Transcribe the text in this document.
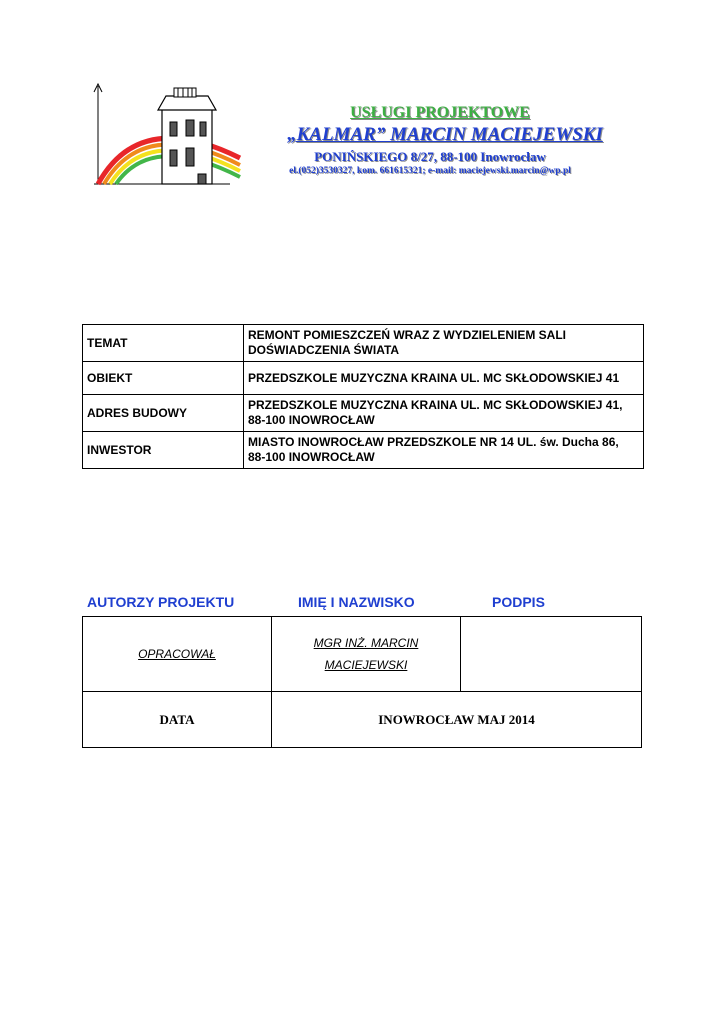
USŁUGI PROJEKTOWE
„KALMAR” MARCIN MACIEJEWSKI
PONIŃSKIEGO 8/27, 88-100 Inowrocław
el.(052)3530327, kom. 661615321; e-mail: maciejewski.marcin@wp.pl
TEMAT	REMONT POMIESZCZEŃ WRAZ Z WYDZIELENIEM SALI DOŚWIADCZENIA ŚWIATA
OBIEKT	PRZEDSZKOLE MUZYCZNA KRAINA UL. MC SKŁODOWSKIEJ 41
ADRES BUDOWY	PRZEDSZKOLE MUZYCZNA KRAINA UL. MC SKŁODOWSKIEJ 41, 88-100 INOWROCŁAW
INWESTOR	MIASTO INOWROCŁAW PRZEDSZKOLE NR 14 UL. św. Ducha 86, 88-100 INOWROCŁAW
AUTORZY PROJEKTU	IMIĘ I NAZWISKO	PODPIS
OPRACOWAŁ	MGR INŻ. MARCIN
MACIEJEWSKI	

DATA	INOWROCŁAW MAJ 2014	
